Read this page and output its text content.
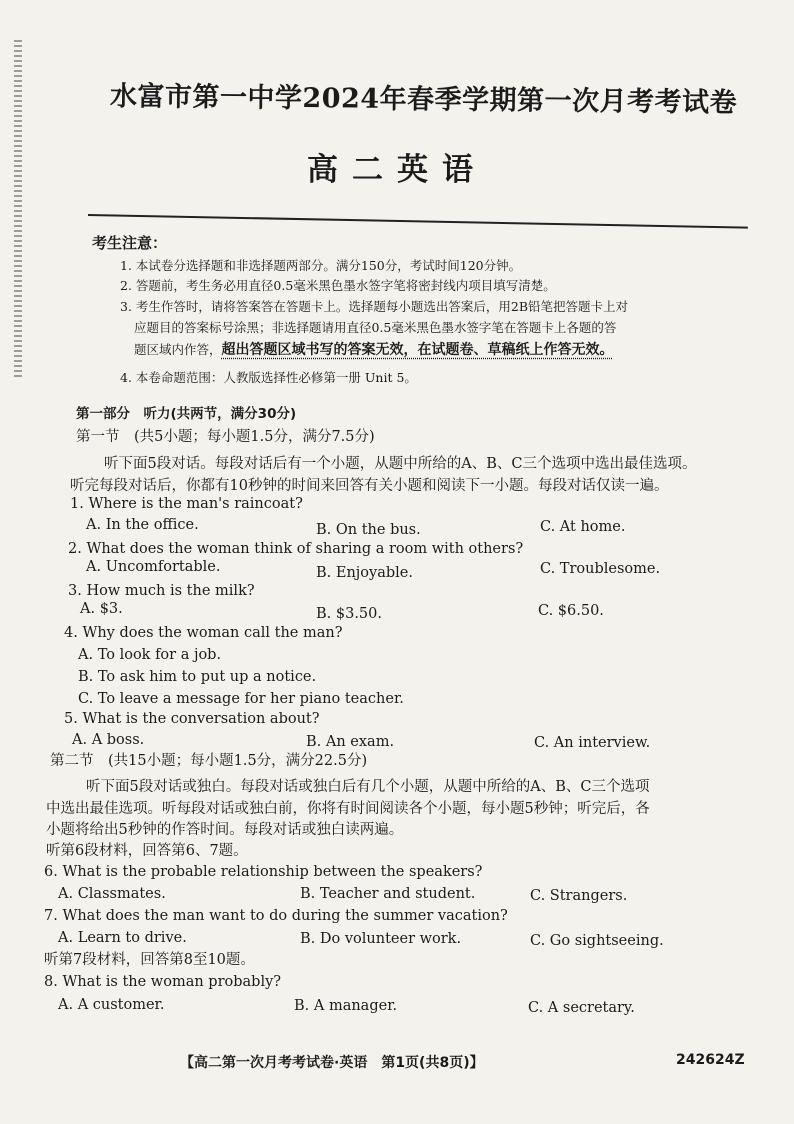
水富市第一中学2024年春季学期第一次月考考试卷
高二英语
考生注意：
1. 本试卷分选择题和非选择题两部分。满分150分，考试时间120分钟。
2. 答题前，考生务必用直径0.5毫米黑色墨水签字笔将密封线内项目填写清楚。
3. 考生作答时，请将答案答在答题卡上。选择题每小题选出答案后，用2B铅笔把答题卡上对
应题目的答案标号涂黑；非选择题请用直径0.5毫米黑色墨水签字笔在答题卡上各题的答
题区域内作答，超出答题区域书写的答案无效，在试题卷、草稿纸上作答无效。
4. 本卷命题范围：人教版选择性必修第一册 Unit 5。
第一部分　听力(共两节，满分30分)
第一节　(共5小题；每小题1.5分，满分7.5分)
听下面5段对话。每段对话后有一个小题，从题中所给的A、B、C三个选项中选出最佳选项。
听完每段对话后，你都有10秒钟的时间来回答有关小题和阅读下一小题。每段对话仅读一遍。
1. Where is the man's raincoat?
A. In the office.	B. On the bus.	C. At home.
2. What does the woman think of sharing a room with others?
A. Uncomfortable.	B. Enjoyable.	C. Troublesome.
3. How much is the milk?
A. $3.	B. $3.50.	C. $6.50.
4. Why does the woman call the man?
A. To look for a job.
B. To ask him to put up a notice.
C. To leave a message for her piano teacher.
5. What is the conversation about?
A. A boss.	B. An exam.	C. An interview.
第二节　(共15小题；每小题1.5分，满分22.5分)
听下面5段对话或独白。每段对话或独白后有几个小题，从题中所给的A、B、C三个选项
中选出最佳选项。听每段对话或独白前，你将有时间阅读各个小题，每小题5秒钟；听完后，各
小题将给出5秒钟的作答时间。每段对话或独白读两遍。
听第6段材料，回答第6、7题。
6. What is the probable relationship between the speakers?
A. Classmates.	B. Teacher and student.	C. Strangers.
7. What does the man want to do during the summer vacation?
A. Learn to drive.	B. Do volunteer work.	C. Go sightseeing.
听第7段材料，回答第8至10题。
8. What is the woman probably?
A. A customer.	B. A manager.	C. A secretary.
【高二第一次月考考试卷·英语　第1页(共8页)】	242624Z
